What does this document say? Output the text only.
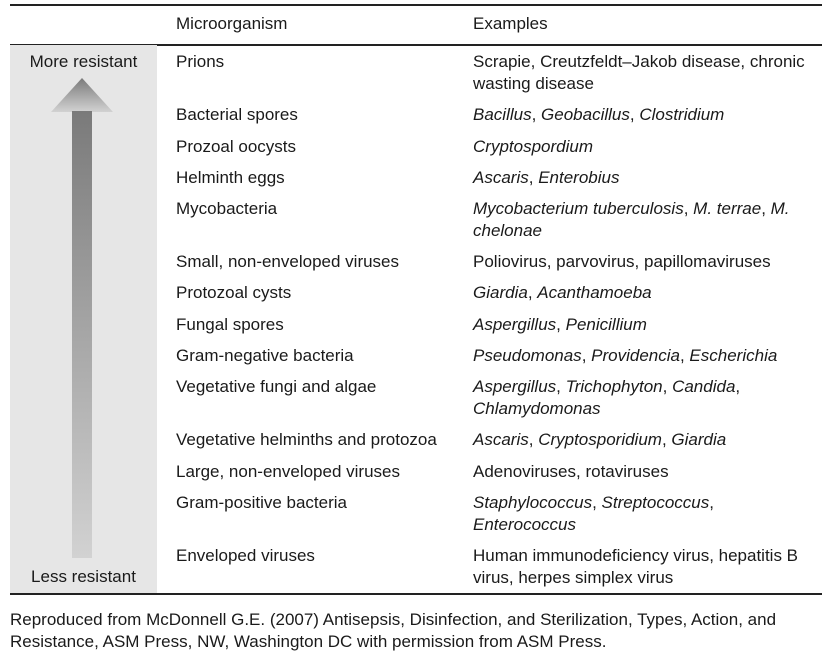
Microorganism	Examples
More resistant
Less resistant
Prions	Scrapie, Creutzfeldt–Jakob disease, chronic wasting disease
Bacterial spores	Bacillus, Geobacillus, Clostridium
Prozoal oocysts	Cryptospordium
Helminth eggs	Ascaris, Enterobius
Mycobacteria	Mycobacterium tuberculosis, M. terrae, M. chelonae
Small, non-enveloped viruses	Poliovirus, parvovirus, papillomaviruses
Protozoal cysts	Giardia, Acanthamoeba
Fungal spores	Aspergillus, Penicillium
Gram-negative bacteria	Pseudomonas, Providencia, Escherichia
Vegetative fungi and algae	Aspergillus, Trichophyton, Candida, Chlamydomonas
Vegetative helminths and protozoa	Ascaris, Cryptosporidium, Giardia
Large, non-enveloped viruses	Adenoviruses, rotaviruses
Gram-positive bacteria	Staphylococcus, Streptococcus, Enterococcus
Enveloped viruses	Human immunodeficiency virus, hepatitis B virus, herpes simplex virus
Reproduced from McDonnell G.E. (2007) Antisepsis, Disinfection, and Sterilization, Types, Action, and Resistance, ASM Press, NW, Washington DC with permission from ASM Press.
